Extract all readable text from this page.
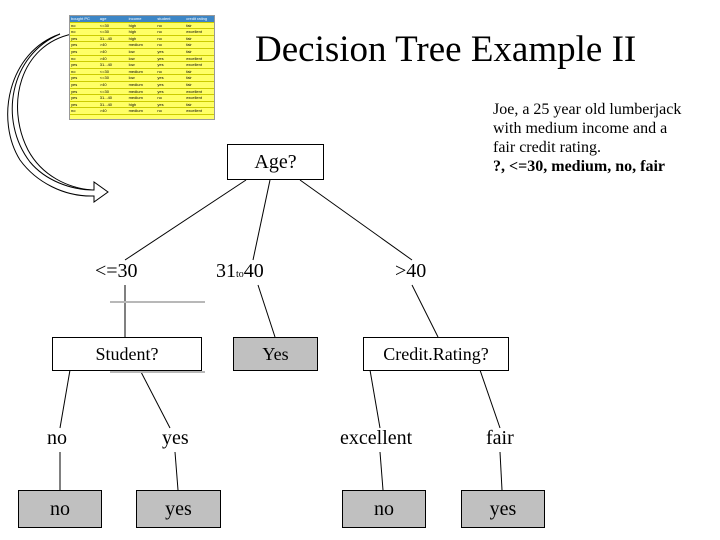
bought PC	age	income	student	credit rating
no	<=30	high	no	fair
no	<=30	high	no	excellent
yes	31...40	high	no	fair
yes	>40	medium	no	fair
yes	>40	low	yes	fair
no	>40	low	yes	excellent
yes	31...40	low	yes	excellent
no	<=30	medium	no	fair
yes	<=30	low	yes	fair
yes	>40	medium	yes	fair
yes	<=30	medium	yes	excellent
yes	31...40	medium	no	excellent
yes	31...40	high	yes	fair
no	>40	medium	no	excellent
Decision Tree Example II
Joe, a 25 year old lumberjack
with medium income and a
fair credit rating.
?, <=30, medium, no, fair
Age?
<=30	31to40	>40
Student?	Yes	Credit.Rating?
no	yes	excellent	fair
no	yes	no	yes
